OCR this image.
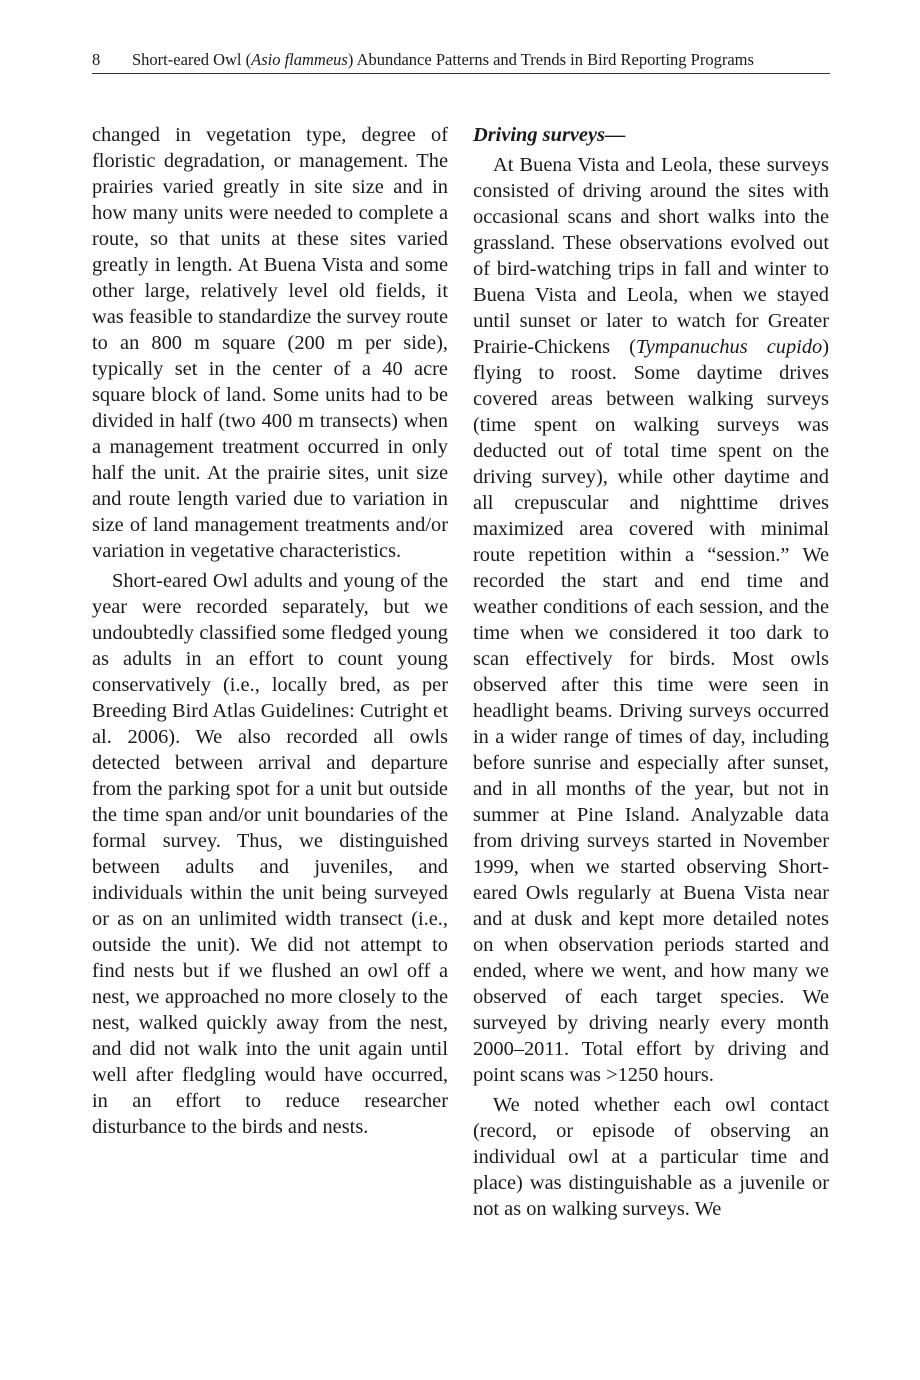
8 Short-eared Owl (Asio flammeus) Abundance Patterns and Trends in Bird Reporting Programs

changed in vegetation type, degree of floristic degradation, or management. The prairies varied greatly in site size and in how many units were needed to complete a route, so that units at these sites varied greatly in length. At Buena Vista and some other large, relatively level old fields, it was feasible to standardize the survey route to an 800 m square (200 m per side), typically set in the center of a 40 acre square block of land. Some units had to be divided in half (two 400 m transects) when a management treatment occurred in only half the unit. At the prairie sites, unit size and route length varied due to variation in size of land management treatments and/or variation in vegetative characteristics.

Short-eared Owl adults and young of the year were recorded separately, but we undoubtedly classified some fledged young as adults in an effort to count young conservatively (i.e., locally bred, as per Breeding Bird Atlas Guidelines: Cutright et al. 2006). We also recorded all owls detected between arrival and departure from the parking spot for a unit but outside the time span and/or unit boundaries of the formal survey. Thus, we distinguished between adults and juveniles, and individuals within the unit being surveyed or as on an unlimited width transect (i.e., outside the unit). We did not attempt to find nests but if we flushed an owl off a nest, we approached no more closely to the nest, walked quickly away from the nest, and did not walk into the unit again until well after fledgling would have occurred, in an effort to reduce researcher disturbance to the birds and nests.

Driving surveys—

At Buena Vista and Leola, these surveys consisted of driving around the sites with occasional scans and short walks into the grassland. These observations evolved out of bird-watching trips in fall and winter to Buena Vista and Leola, when we stayed until sunset or later to watch for Greater Prairie-Chickens (Tympanuchus cupido) flying to roost. Some daytime drives covered areas between walking surveys (time spent on walking surveys was deducted out of total time spent on the driving survey), while other daytime and all crepuscular and nighttime drives maximized area covered with minimal route repetition within a “session.” We recorded the start and end time and weather conditions of each session, and the time when we considered it too dark to scan effectively for birds. Most owls observed after this time were seen in headlight beams. Driving surveys occurred in a wider range of times of day, including before sunrise and especially after sunset, and in all months of the year, but not in summer at Pine Island. Analyzable data from driving surveys started in November 1999, when we started observing Short-eared Owls regularly at Buena Vista near and at dusk and kept more detailed notes on when observation periods started and ended, where we went, and how many we observed of each target species. We surveyed by driving nearly every month 2000–2011. Total effort by driving and point scans was >1250 hours.

We noted whether each owl contact (record, or episode of observing an individual owl at a particular time and place) was distinguishable as a juvenile or not as on walking surveys. We
